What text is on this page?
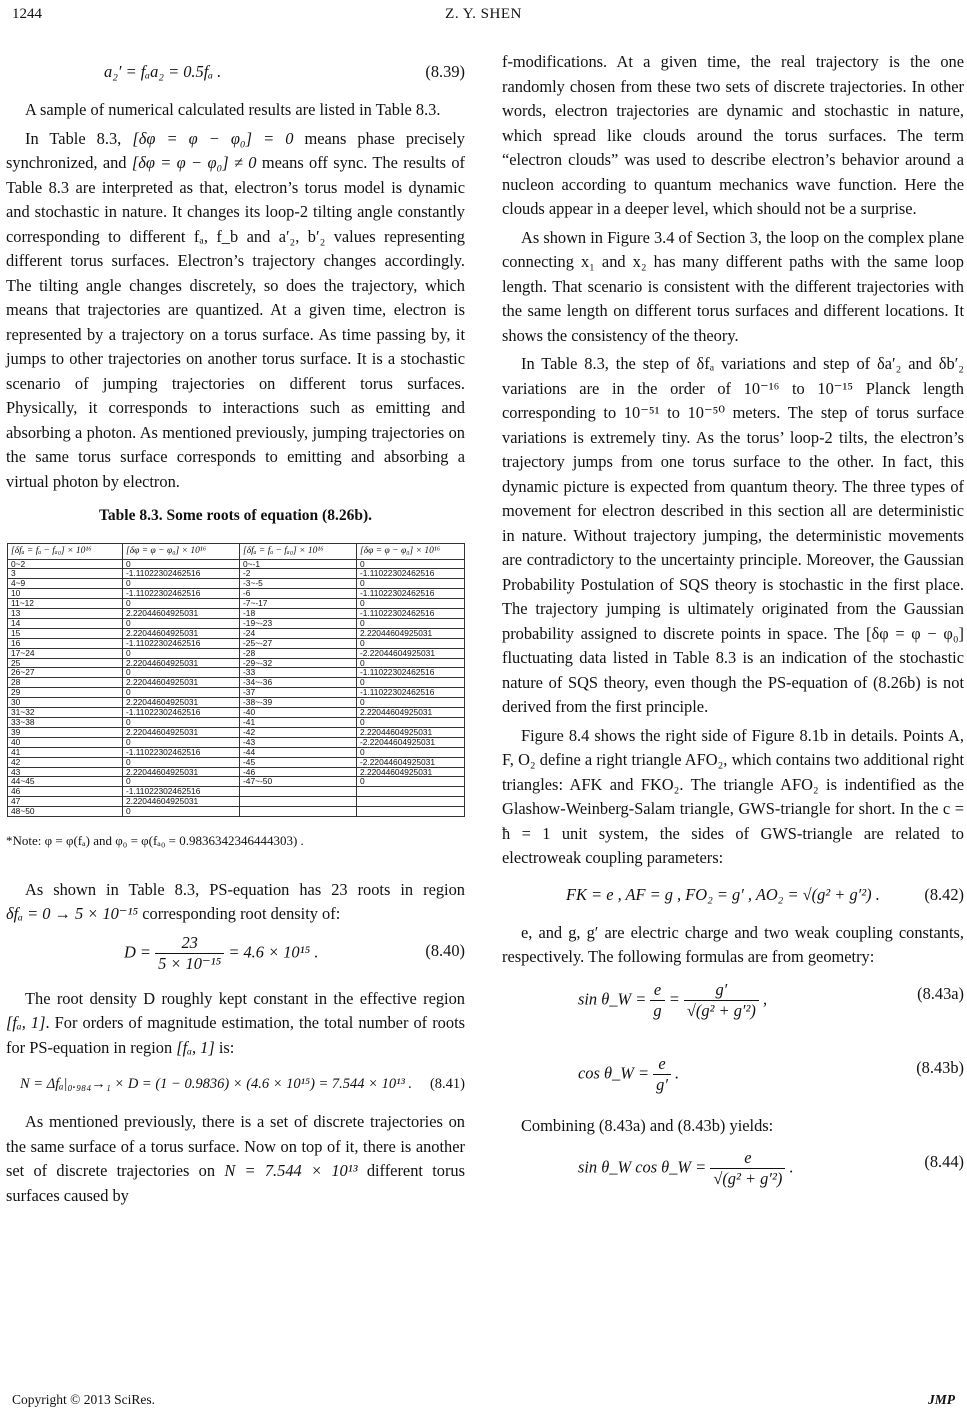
1244	Z. Y. SHEN
a₂′ = fₐa₂ = 0.5fₐ .	(8.39)

A sample of numerical calculated results are listed in Table 8.3.

In Table 8.3, [δφ = φ − φ₀] = 0 means phase precisely synchronized, and [δφ = φ − φ₀] ≠ 0 means off sync. The results of Table 8.3 are interpreted as that, electron’s torus model is dynamic and stochastic in nature. It changes its loop-2 tilting angle constantly corresponding to different fₐ, f_b and a′₂, b′₂ values representing different torus surfaces. Electron’s trajectory changes accordingly. The tilting angle changes discretely, so does the trajectory, which means that trajectories are quantized. At a given time, electron is represented by a trajectory on a torus surface. As time passing by, it jumps to other trajectories on another torus surface. It is a stochastic scenario of jumping trajectories on different torus surfaces. Physically, it corresponds to interactions such as emitting and absorbing a photon. As mentioned previously, jumping trajectories on the same torus surface corresponds to emitting and absorbing a virtual photon by electron.

Table 8.3. Some roots of equation (8.26b).
[δfₐ = fₐ − fₐ₀] × 10¹⁶	[δφ = φ − φ₀] × 10¹⁶	[δfₐ = fₐ − fₐ₀] × 10¹⁶	[δφ = φ − φ₀] × 10¹⁶
0~2	0	0~-1	0
3	-1.11022302462516	-2	-1.11022302462516
4~9	0	-3~-5	0
10	-1.11022302462516	-6	-1.11022302462516
11~12	0	-7~-17	0
13	2.22044604925031	-18	-1.11022302462516
14	0	-19~-23	0
15	2.22044604925031	-24	2.22044604925031
16	-1.11022302462516	-25~-27	0
17~24	0	-28	-2.22044604925031
25	2.22044604925031	-29~-32	0
26~27	0	-33	-1.11022302462516
28	2.22044604925031	-34~-36	0
29	0	-37	-1.11022302462516
30	2.22044604925031	-38~-39	0
31~32	-1.11022302462516	-40	2.22044604925031
33~38	0	-41	0
39	2.22044604925031	-42	2.22044604925031
40	0	-43	-2.22044604925031
41	-1.11022302462516	-44	0
42	0	-45	-2.22044604925031
43	2.22044604925031	-46	2.22044604925031
44~45	0	-47~-50	0
46	-1.11022302462516		
47	2.22044604925031		
48~50	0		
*Note: φ = φ(fₐ) and φ₀ = φ(fₐ₀ = 0.9836342346444303) .

As shown in Table 8.3, PS-equation has 23 roots in region δfₐ = 0 → 5 × 10⁻¹⁵ corresponding root density of:

$D = \frac{23}{\text{5 × 10⁻¹⁵}} = 4.6 \times 10^{15}$ .	(8.40)

The root density D roughly kept constant in the effective region [fₐ, 1]. For orders of magnitude estimation, the total number of roots for PS-equation in region [fₐ, 1] is:

N = Δfₐ|₀.₉₈₄→₁ × D = (1 − 0.9836) × (4.6 × 10¹⁵) = 7.544 × 10¹³ . (8.41)

As mentioned previously, there is a set of discrete trajectories on the same surface of a torus surface. Now on top of it, there is another set of discrete trajectories on N = 7.544 × 10¹³ different torus surfaces caused by

f-modifications. At a given time, the real trajectory is the one randomly chosen from these two sets of discrete trajectories. In other words, electron trajectories are dynamic and stochastic in nature, which spread like clouds around the torus surfaces. The term “electron clouds” was used to describe electron’s behavior around a nucleon according to quantum mechanics wave function. Here the clouds appear in a deeper level, which should not be a surprise.

As shown in Figure 3.4 of Section 3, the loop on the complex plane connecting x₁ and x₂ has many different paths with the same loop length. That scenario is consistent with the different trajectories with the same length on different torus surfaces and different locations. It shows the consistency of the theory.

In Table 8.3, the step of δfₐ variations and step of δa′₂ and δb′₂ variations are in the order of 10⁻¹⁶ to 10⁻¹⁵ Planck length corresponding to 10⁻⁵¹ to 10⁻⁵⁰ meters. The step of torus surface variations is extremely tiny. As the torus’ loop-2 tilts, the electron’s trajectory jumps from one torus surface to the other. In fact, this dynamic picture is expected from quantum theory. The three types of movement for electron described in this section all are deterministic in nature. Without trajectory jumping, the deterministic movements are contradictory to the uncertainty principle. Moreover, the Gaussian Probability Postulation of SQS theory is stochastic in the first place. The trajectory jumping is ultimately originated from the Gaussian probability assigned to discrete points in space. The [δφ = φ − φ₀] fluctuating data listed in Table 8.3 is an indication of the stochastic nature of SQS theory, even though the PS-equation of (8.26b) is not derived from the first principle.

Figure 8.4 shows the right side of Figure 8.1b in details. Points A, F, O₂ define a right triangle AFO₂, which contains two additional right triangles: AFK and FKO₂. The triangle AFO₂ is indentified as the Glashow-Weinberg-Salam triangle, GWS-triangle for short. In the c = ħ = 1 unit system, the sides of GWS-triangle are related to electroweak coupling parameters:

FK = e , AF = g , FO₂ = g′ , AO₂ = √(g² + g′²) .	(8.42)

e, and g, g′ are electric charge and two weak coupling constants, respectively. The following formulas are from geometry:

sin θ_W = $\frac{e}{g} = \frac{g'}{\text{√(g² + g′²)}}$ ,	(8.43a)
cos θ_W = $\frac{e}{g'}$ .	(8.43b)

Combining (8.43a) and (8.43b) yields:

sin θ_W cos θ_W = $\frac{e}{\text{√(g² + g′²)}}$ .	(8.44)
Copyright © 2013 SciRes.	JMP
